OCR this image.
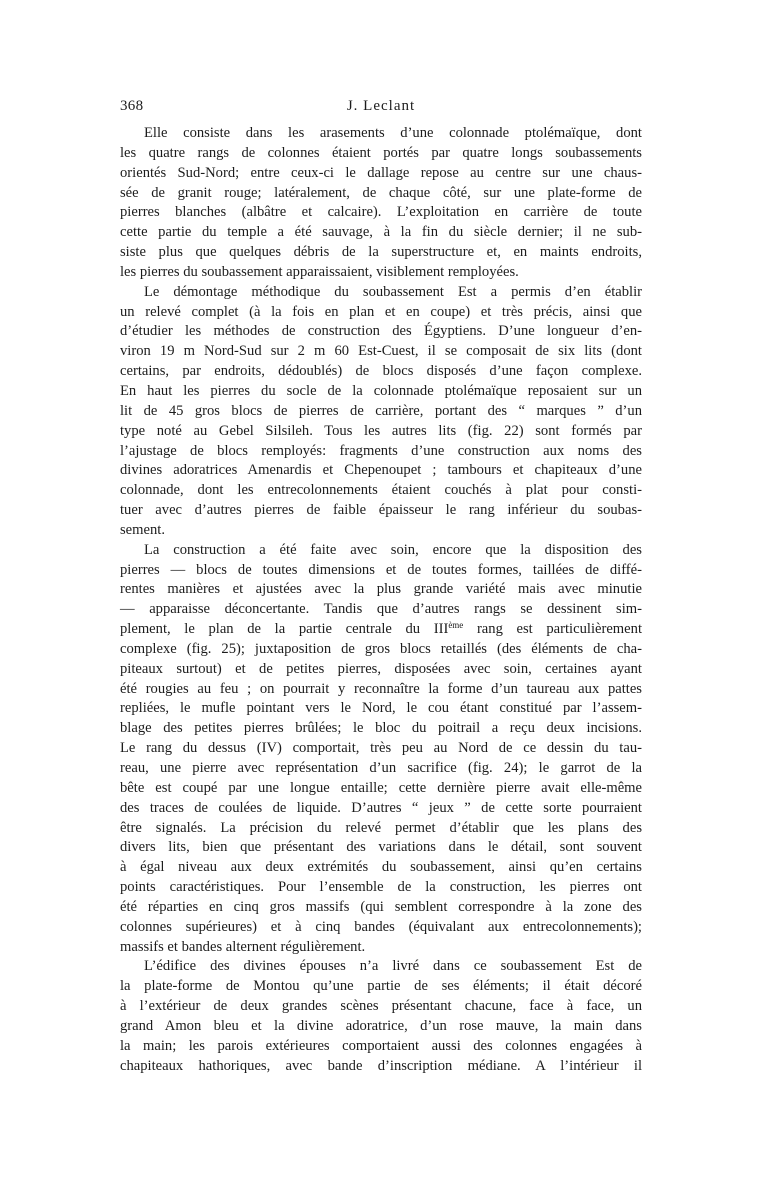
368	J. Leclant
Elle consiste dans les arasements d’une colonnade ptolémaïque, dont
les quatre rangs de colonnes étaient portés par quatre longs soubassements
orientés Sud-Nord; entre ceux-ci le dallage repose au centre sur une chaus-
sée de granit rouge; latéralement, de chaque côté, sur une plate-forme de
pierres blanches (albâtre et calcaire). L’exploitation en carrière de toute
cette partie du temple a été sauvage, à la fin du siècle dernier; il ne sub-
siste plus que quelques débris de la superstructure et, en maints endroits,
les pierres du soubassement apparaissaient, visiblement remployées.
Le démontage méthodique du soubassement Est a permis d’en établir
un relevé complet (à la fois en plan et en coupe) et très précis, ainsi que
d’étudier les méthodes de construction des Égyptiens. D’une longueur d’en-
viron 19 m Nord-Sud sur 2 m 60 Est-Cuest, il se composait de six lits (dont
certains, par endroits, dédoublés) de blocs disposés d’une façon complexe.
En haut les pierres du socle de la colonnade ptolémaïque reposaient sur un
lit de 45 gros blocs de pierres de carrière, portant des “ marques ” d’un
type noté au Gebel Silsileh. Tous les autres lits (fig. 22) sont formés par
l’ajustage de blocs remployés: fragments d’une construction aux noms des
divines adoratrices Amenardis et Chepenoupet ; tambours et chapiteaux d’une
colonnade, dont les entrecolonnements étaient couchés à plat pour consti-
tuer avec d’autres pierres de faible épaisseur le rang inférieur du soubas-
sement.
La construction a été faite avec soin, encore que la disposition des
pierres — blocs de toutes dimensions et de toutes formes, taillées de diffé-
rentes manières et ajustées avec la plus grande variété mais avec minutie
— apparaisse déconcertante. Tandis que d’autres rangs se dessinent sim-
plement, le plan de la partie centrale du IIIème rang est particulièrement
complexe (fig. 25); juxtaposition de gros blocs retaillés (des éléments de cha-
piteaux surtout) et de petites pierres, disposées avec soin, certaines ayant
été rougies au feu ; on pourrait y reconnaître la forme d’un taureau aux pattes
repliées, le mufle pointant vers le Nord, le cou étant constitué par l’assem-
blage des petites pierres brûlées; le bloc du poitrail a reçu deux incisions.
Le rang du dessus (IV) comportait, très peu au Nord de ce dessin du tau-
reau, une pierre avec représentation d’un sacrifice (fig. 24); le garrot de la
bête est coupé par une longue entaille; cette dernière pierre avait elle-même
des traces de coulées de liquide. D’autres “ jeux ” de cette sorte pourraient
être signalés. La précision du relevé permet d’établir que les plans des
divers lits, bien que présentant des variations dans le détail, sont souvent
à égal niveau aux deux extrémités du soubassement, ainsi qu’en certains
points caractéristiques. Pour l’ensemble de la construction, les pierres ont
été réparties en cinq gros massifs (qui semblent correspondre à la zone des
colonnes supérieures) et à cinq bandes (équivalant aux entrecolonnements);
massifs et bandes alternent régulièrement.
L’édifice des divines épouses n’a livré dans ce soubassement Est de
la plate-forme de Montou qu’une partie de ses éléments; il était décoré
à l’extérieur de deux grandes scènes présentant chacune, face à face, un
grand Amon bleu et la divine adoratrice, d’un rose mauve, la main dans
la main; les parois extérieures comportaient aussi des colonnes engagées à
chapiteaux hathoriques, avec bande d’inscription médiane. A l’intérieur il
